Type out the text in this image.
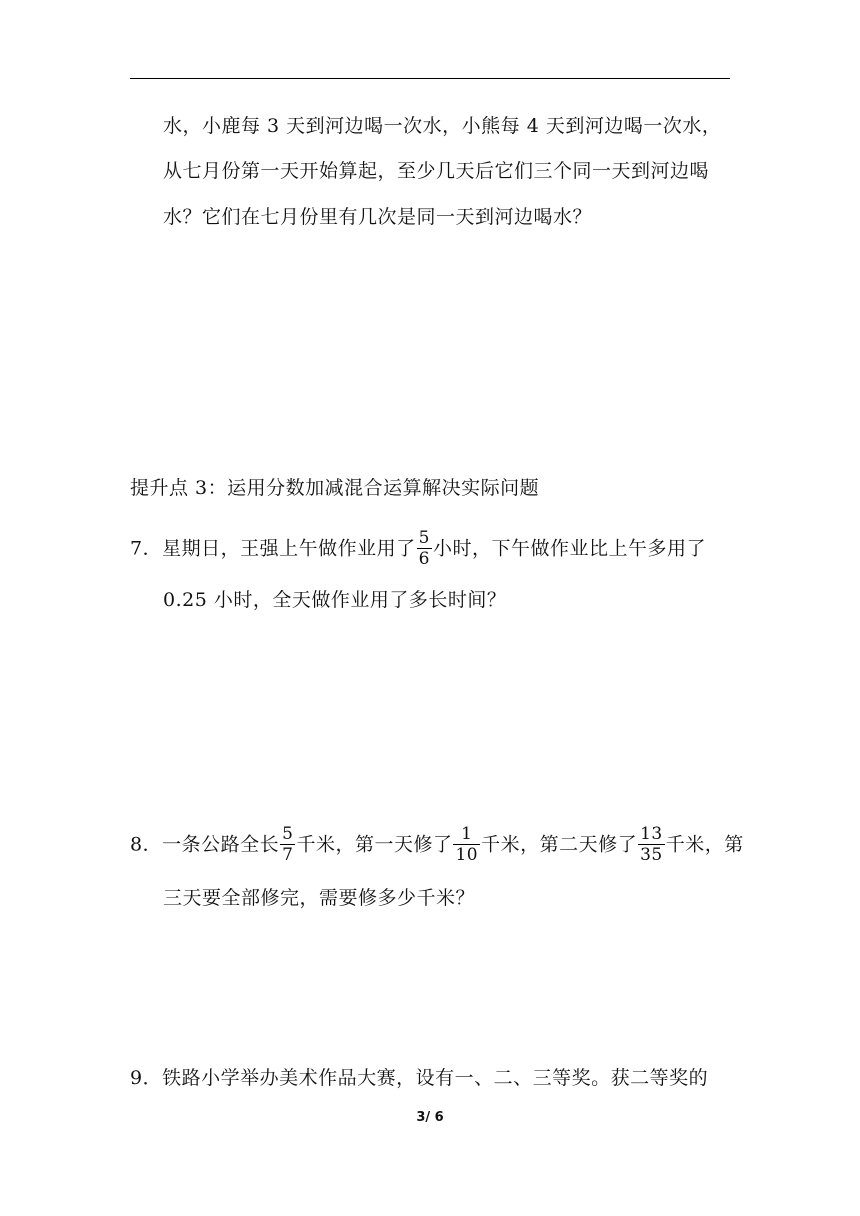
水，小鹿每 3 天到河边喝一次水，小熊每 4 天到河边喝一次水，
从七月份第一天开始算起，至少几天后它们三个同一天到河边喝
水？它们在七月份里有几次是同一天到河边喝水？
提升点 3：运用分数加减混合运算解决实际问题
7．星期日，王强上午做作业用了 $\frac{5}{6}$ 小时，下午做作业比上午多用了
0.25 小时，全天做作业用了多长时间？
8．一条公路全长 $\frac{5}{7}$ 千米，第一天修了 $\frac{1}{10}$ 千米，第二天修了 $\frac{13}{35}$ 千米，第
三天要全部修完，需要修多少千米？
9．铁路小学举办美术作品大赛，设有一、二、三等奖。获二等奖的
3/ 6
